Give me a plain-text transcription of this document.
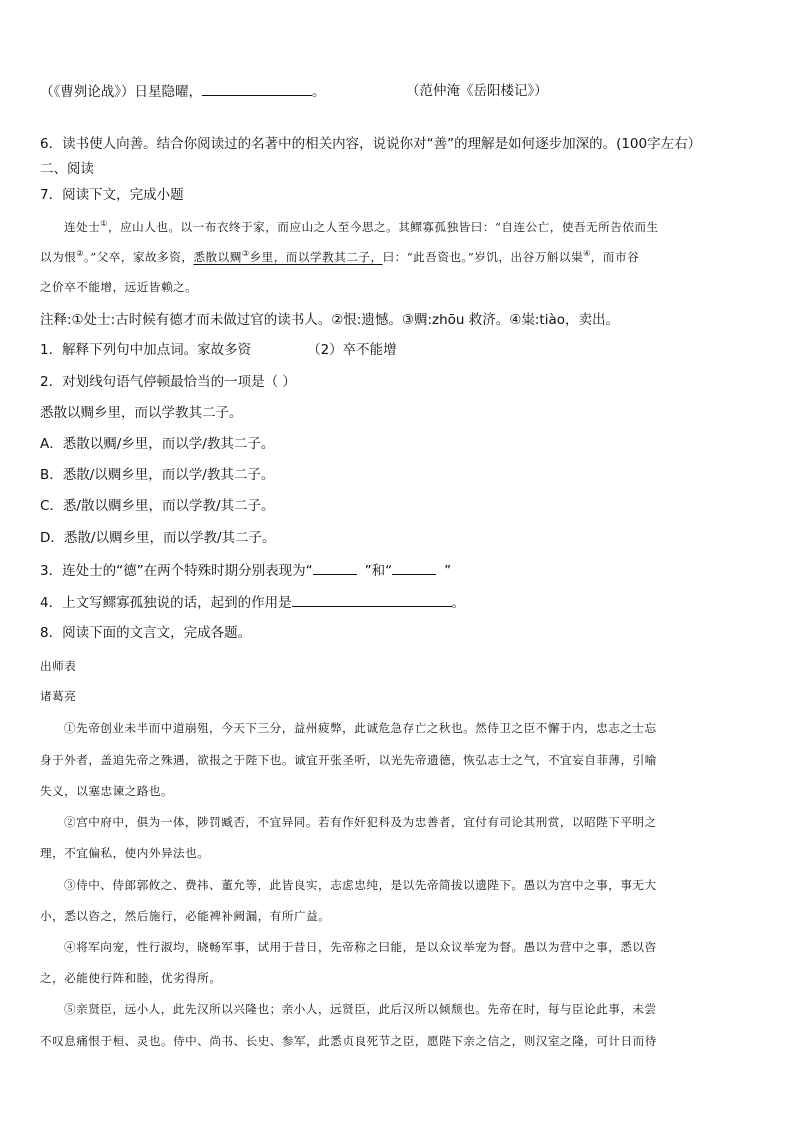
（《曹刿论战》）日星隐曜，	。	（范仲淹《岳阳楼记》）
6．读书使人向善。结合你阅读过的名著中的相关内容，说说你对“善”的理解是如何逐步加深的。(100字左右）
二、阅读
7．阅读下文，完成小题
连处士①，应山人也。以一布衣终于家，而应山之人至今思之。其鳏寡孤独皆曰：“自连公亡，使吾无所告依而生
以为恨②。”父卒，家故多资，悉散以赒③乡里，而以学教其二子，曰：“此吾资也。”岁饥，出谷万斛以粜④，而市谷
之价卒不能增，远近皆赖之。
注释:①处士:古时候有德才而未做过官的读书人。②恨:遗憾。③赒:zhōu 救济。④粜:tiào，卖出。
1．解释下列句中加点词。家故多资	（2）卒不能增
2．对划线句语气停顿最恰当的一项是（ ）
悉散以赒乡里，而以学教其二子。
A．悉散以赒/乡里，而以学/教其二子。
B．悉散/以赒乡里，而以学/教其二子。
C．悉/散以赒乡里，而以学教/其二子。
D．悉散/以赒乡里，而以学教/其二子。
3．连处士的“德”在两个特殊时期分别表现为“	”和“	”
4．上文写鳏寡孤独说的话，起到的作用是	。
8．阅读下面的文言文，完成各题。
出师表
诸葛亮
①先帝创业未半而中道崩殂，今天下三分，益州疲弊，此诚危急存亡之秋也。然侍卫之臣不懈于内，忠志之士忘
身于外者，盖追先帝之殊遇，欲报之于陛下也。诚宜开张圣听，以光先帝遗德，恢弘志士之气，不宜妄自菲薄，引喻
失义，以塞忠谏之路也。
②宫中府中，俱为一体，陟罚臧否，不宜异同。若有作奸犯科及为忠善者，宜付有司论其刑赏，以昭陛下平明之
理，不宜偏私，使内外异法也。
③侍中、侍郎郭攸之、费祎、董允等，此皆良实，志虑忠纯，是以先帝简拔以遗陛下。愚以为宫中之事，事无大
小，悉以咨之，然后施行，必能裨补阙漏，有所广益。
④将军向宠，性行淑均，晓畅军事，试用于昔日，先帝称之曰能，是以众议举宠为督。愚以为营中之事，悉以咨
之，必能使行阵和睦，优劣得所。
⑤亲贤臣，远小人，此先汉所以兴隆也；亲小人，远贤臣，此后汉所以倾颓也。先帝在时，每与臣论此事，未尝
不叹息痛恨于桓、灵也。侍中、尚书、长史、参军，此悉贞良死节之臣，愿陛下亲之信之，则汉室之隆，可计日而待
